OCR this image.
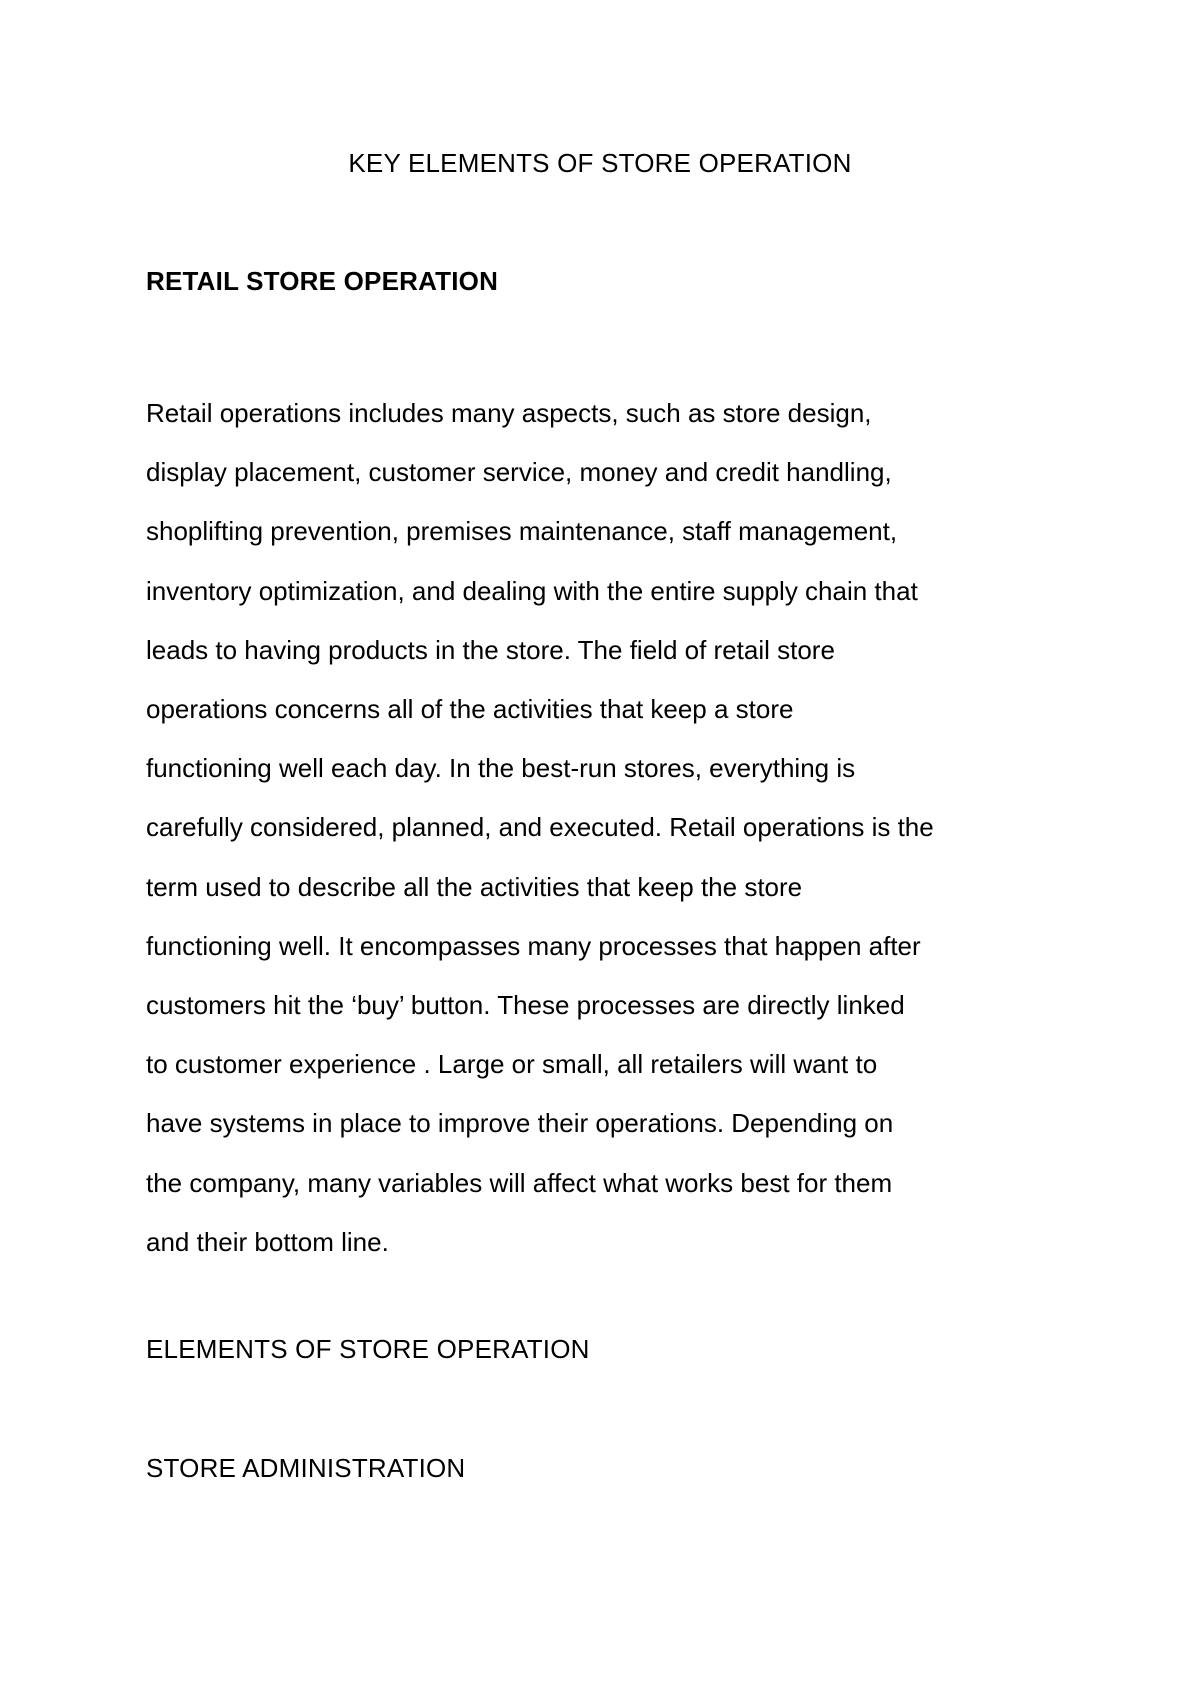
KEY ELEMENTS OF STORE OPERATION
RETAIL STORE OPERATION

Retail operations includes many aspects, such as store design,
display placement, customer service, money and credit handling,
shoplifting prevention, premises maintenance, staff management,
inventory optimization, and dealing with the entire supply chain that
leads to having products in the store. The field of retail store
operations concerns all of the activities that keep a store
functioning well each day. In the best-run stores, everything is
carefully considered, planned, and executed. Retail operations is the
term used to describe all the activities that keep the store
functioning well. It encompasses many processes that happen after
customers hit the ‘buy’ button. These processes are directly linked
to customer experience . Large or small, all retailers will want to
have systems in place to improve their operations. Depending on
the company, many variables will affect what works best for them
and their bottom line.

ELEMENTS OF STORE OPERATION
STORE ADMINISTRATION
